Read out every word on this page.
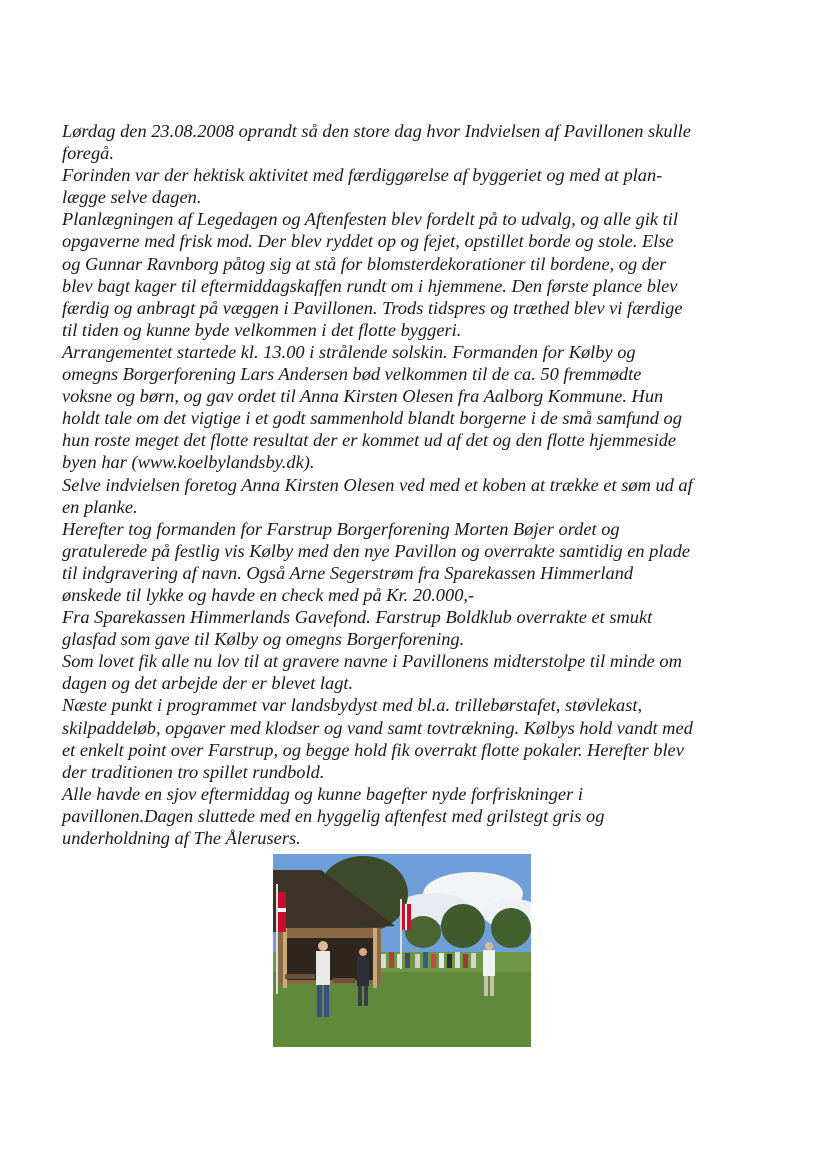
Lørdag den 23.08.2008 oprandt så den store dag hvor Indvielsen af Pavillonen skulle
foregå.
Forinden var der hektisk aktivitet med færdiggørelse af byggeriet og med at plan-
lægge selve dagen.
Planlægningen af Legedagen og Aftenfesten blev fordelt på to udvalg, og alle gik til
opgaverne med frisk mod. Der blev ryddet op og fejet, opstillet borde og stole. Else
og Gunnar Ravnborg påtog sig at stå for blomsterdekorationer til bordene, og der
blev bagt kager til eftermiddagskaffen rundt om i hjemmene. Den første plance blev
færdig og anbragt på væggen i Pavillonen. Trods tidspres og træthed blev vi færdige
til tiden og kunne byde velkommen i det flotte byggeri.
Arrangementet startede kl. 13.00 i strålende solskin. Formanden for Kølby og
omegns Borgerforening Lars Andersen bød velkommen til de ca. 50 fremmødte
voksne og børn, og gav ordet til Anna Kirsten Olesen fra Aalborg Kommune. Hun
holdt tale om det vigtige i et godt sammenhold blandt borgerne i de små samfund og
hun roste meget det flotte resultat der er kommet ud af det og den flotte hjemmeside
byen har (www.koelbylandsby.dk).
Selve indvielsen foretog Anna Kirsten Olesen ved med et koben at trække et søm ud af
en planke.
Herefter tog formanden for Farstrup Borgerforening Morten Bøjer ordet og
gratulerede på festlig vis Kølby med den nye Pavillon og overrakte samtidig en plade
til indgravering af navn. Også Arne Segerstrøm fra Sparekassen Himmerland
ønskede til lykke og havde en check med på Kr. 20.000,-
Fra Sparekassen Himmerlands Gavefond. Farstrup Boldklub overrakte et smukt
glasfad som gave til Kølby og omegns Borgerforening.
Som lovet fik alle nu lov til at gravere navne i Pavillonens midterstolpe til minde om
dagen og det arbejde der er blevet lagt.
Næste punkt i programmet var landsbydyst med bl.a. trillebørstafet, støvlekast,
skilpaddeløb, opgaver med klodser og vand samt tovtrækning. Kølbys hold vandt med
et enkelt point over Farstrup, og begge hold fik overrakt flotte pokaler. Herefter blev
der traditionen tro spillet rundbold.
Alle havde en sjov eftermiddag og kunne bagefter nyde forfriskninger i
pavillonen.Dagen sluttede med en hyggelig aftenfest med grilstegt gris og
underholdning af The Ålerusers.
